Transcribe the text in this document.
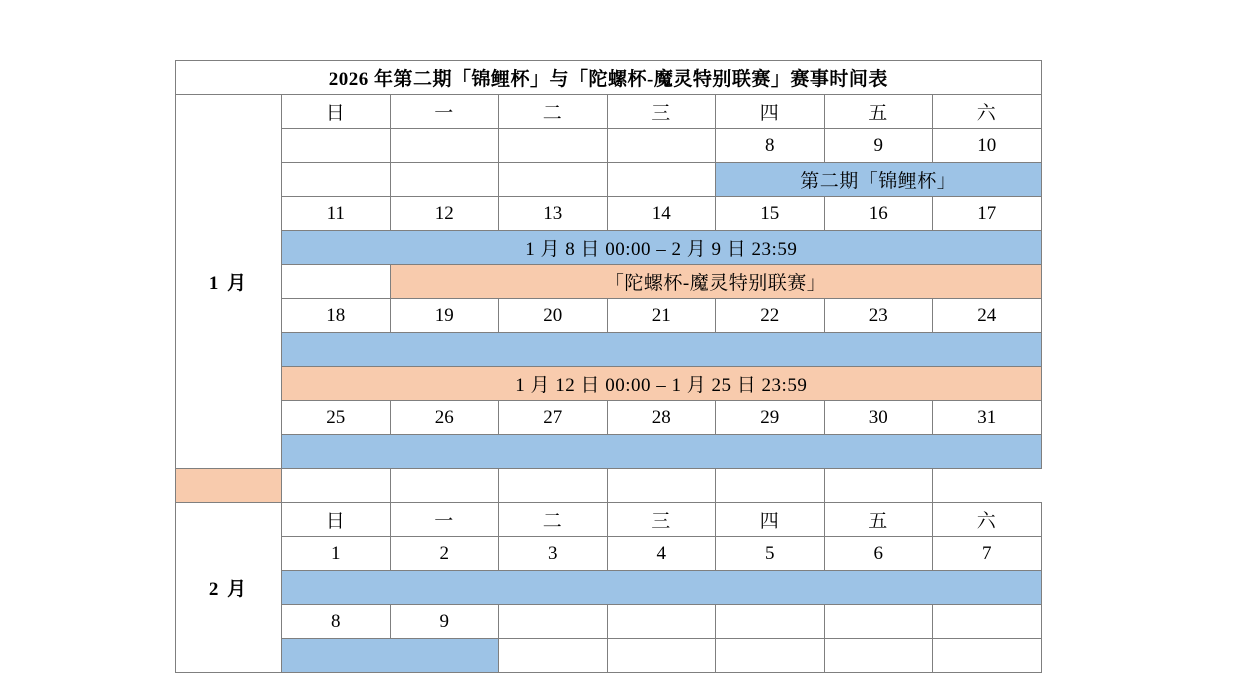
2026 年第二期「锦鲤杯」与「陀螺杯-魔灵特别联赛」赛事时间表							
1 月	日	一	二	三	四	五	六
					8	9	10
					第二期「锦鲤杯」		
	11	12	13	14	15	16	17
	1 月 8 日 00:00 – 2 月 9 日 23:59						
		「陀螺杯-魔灵特别联赛」					
	18	19	20	21	22	23	24

	1 月 12 日 00:00 – 1 月 25 日 23:59						
	25	26	27	28	29	30	31

2 月	日	一	二	三	四	五	六
	1	2	3	4	5	6	7

	8	9					
